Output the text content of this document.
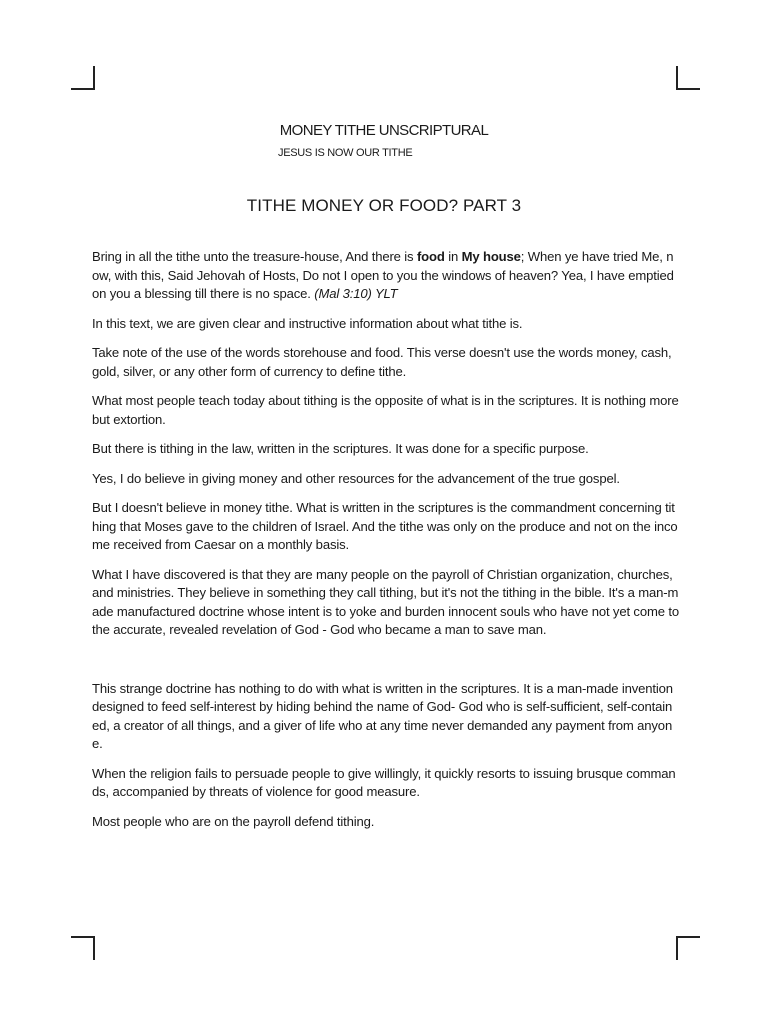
MONEY TITHE UNSCRIPTURAL
JESUS IS NOW OUR TITHE
TITHE MONEY OR FOOD? PART 3

Bring in all the tithe unto the treasure-house, And there is food in My house; When ye have tried Me, now, with this, Said Jehovah of Hosts, Do not I open to you the windows of heaven? Yea, I have emptied on you a blessing till there is no space. (Mal 3:10) YLT

In this text, we are given clear and instructive information about what tithe is.

Take note of the use of the words storehouse and food. This verse doesn't use the words money, cash, gold, silver, or any other form of currency to define tithe.

What most people teach today about tithing is the opposite of what is in the scriptures. It is nothing more but extortion.

But there is tithing in the law, written in the scriptures. It was done for a specific purpose.

Yes, I do believe in giving money and other resources for the advancement of the true gospel.

But I doesn't believe in money tithe. What is written in the scriptures is the commandment concerning tithing that Moses gave to the children of Israel. And the tithe was only on the produce and not on the income received from Caesar on a monthly basis.

What I have discovered is that they are many people on the payroll of Christian organization, churches, and ministries. They believe in something they call tithing, but it's not the tithing in the bible. It's a man-made manufactured doctrine whose intent is to yoke and burden innocent souls who have not yet come to the accurate, revealed revelation of God - God who became a man to save man.

This strange doctrine has nothing to do with what is written in the scriptures. It is a man-made invention designed to feed self-interest by hiding behind the name of God- God who is self-sufficient, self-contained, a creator of all things, and a giver of life who at any time never demanded any payment from anyone.

When the religion fails to persuade people to give willingly, it quickly resorts to issuing brusque commands, accompanied by threats of violence for good measure.

Most people who are on the payroll defend tithing.
